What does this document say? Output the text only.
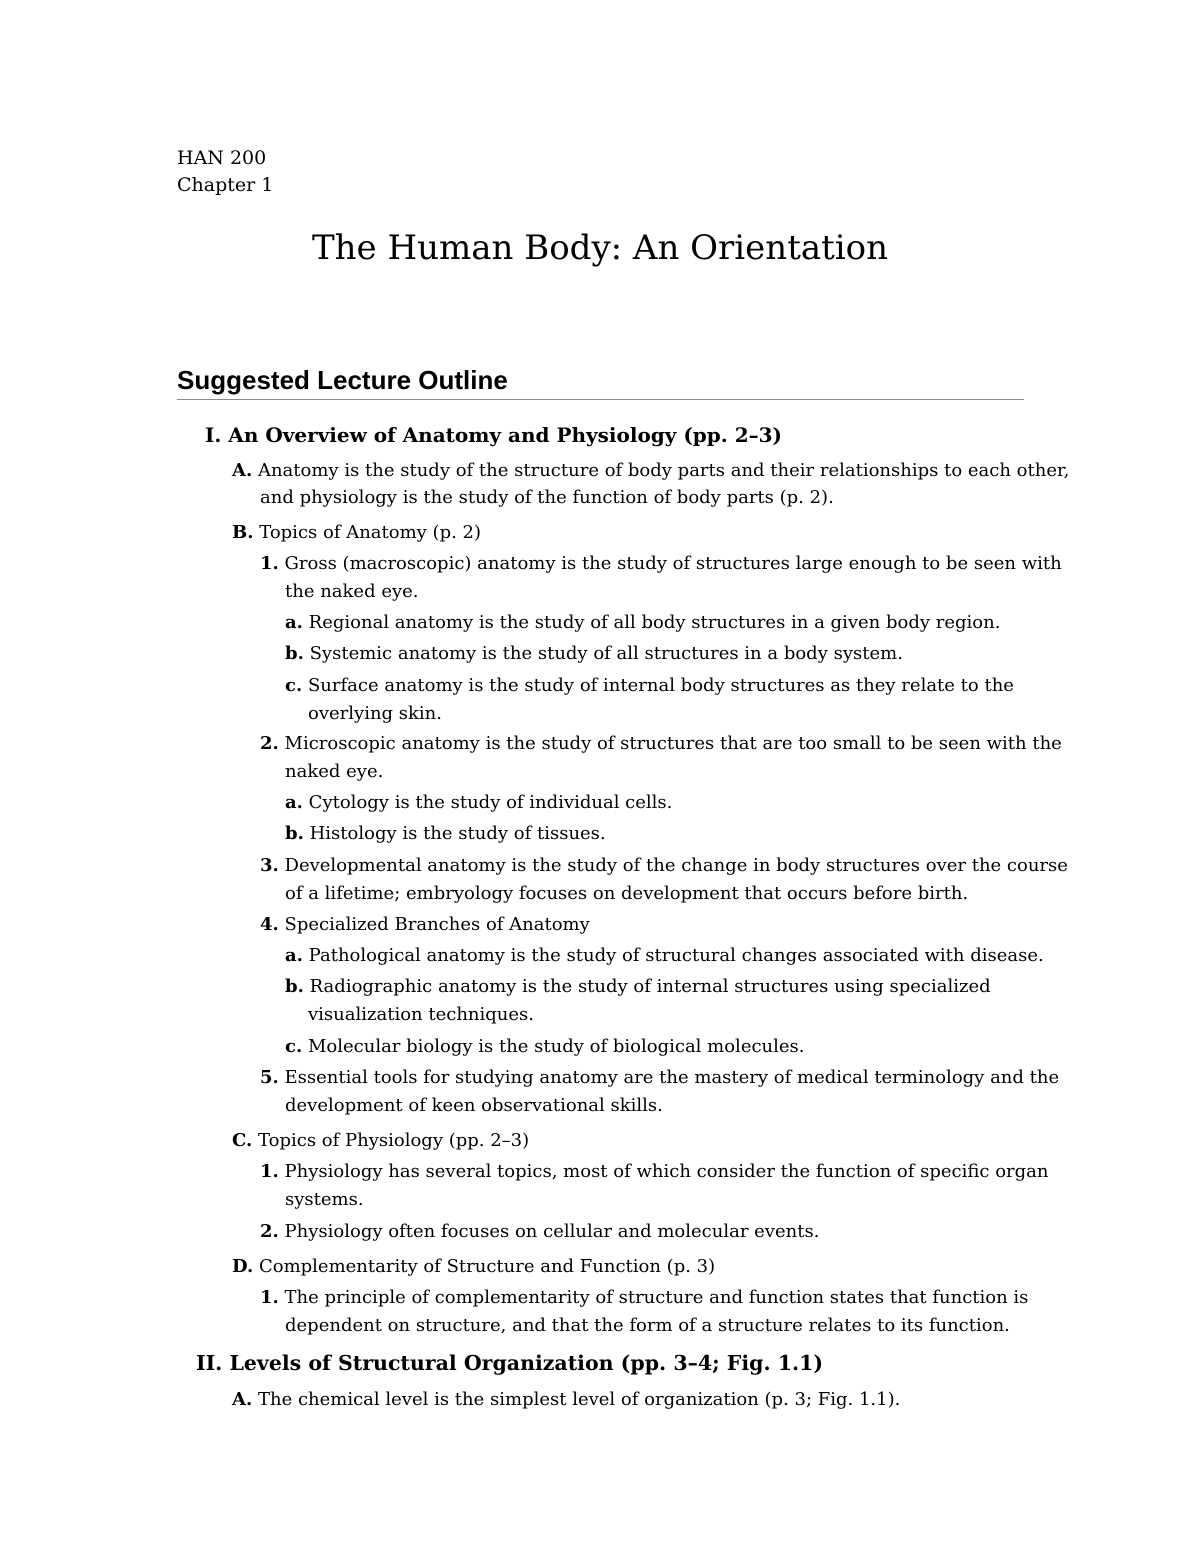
HAN 200
Chapter 1
The Human Body: An Orientation
Suggested Lecture Outline
I. An Overview of Anatomy and Physiology (pp. 2–3)
A. Anatomy is the study of the structure of body parts and their relationships to each other,
and physiology is the study of the function of body parts (p. 2).
B. Topics of Anatomy (p. 2)
1. Gross (macroscopic) anatomy is the study of structures large enough to be seen with
the naked eye.
a. Regional anatomy is the study of all body structures in a given body region.
b. Systemic anatomy is the study of all structures in a body system.
c. Surface anatomy is the study of internal body structures as they relate to the
overlying skin.
2. Microscopic anatomy is the study of structures that are too small to be seen with the
naked eye.
a. Cytology is the study of individual cells.
b. Histology is the study of tissues.
3. Developmental anatomy is the study of the change in body structures over the course
of a lifetime; embryology focuses on development that occurs before birth.
4. Specialized Branches of Anatomy
a. Pathological anatomy is the study of structural changes associated with disease.
b. Radiographic anatomy is the study of internal structures using specialized
visualization techniques.
c. Molecular biology is the study of biological molecules.
5. Essential tools for studying anatomy are the mastery of medical terminology and the
development of keen observational skills.
C. Topics of Physiology (pp. 2–3)
1. Physiology has several topics, most of which consider the function of specific organ
systems.
2. Physiology often focuses on cellular and molecular events.
D. Complementarity of Structure and Function (p. 3)
1. The principle of complementarity of structure and function states that function is
dependent on structure, and that the form of a structure relates to its function.
II. Levels of Structural Organization (pp. 3–4; Fig. 1.1)
A. The chemical level is the simplest level of organization (p. 3; Fig. 1.1).
